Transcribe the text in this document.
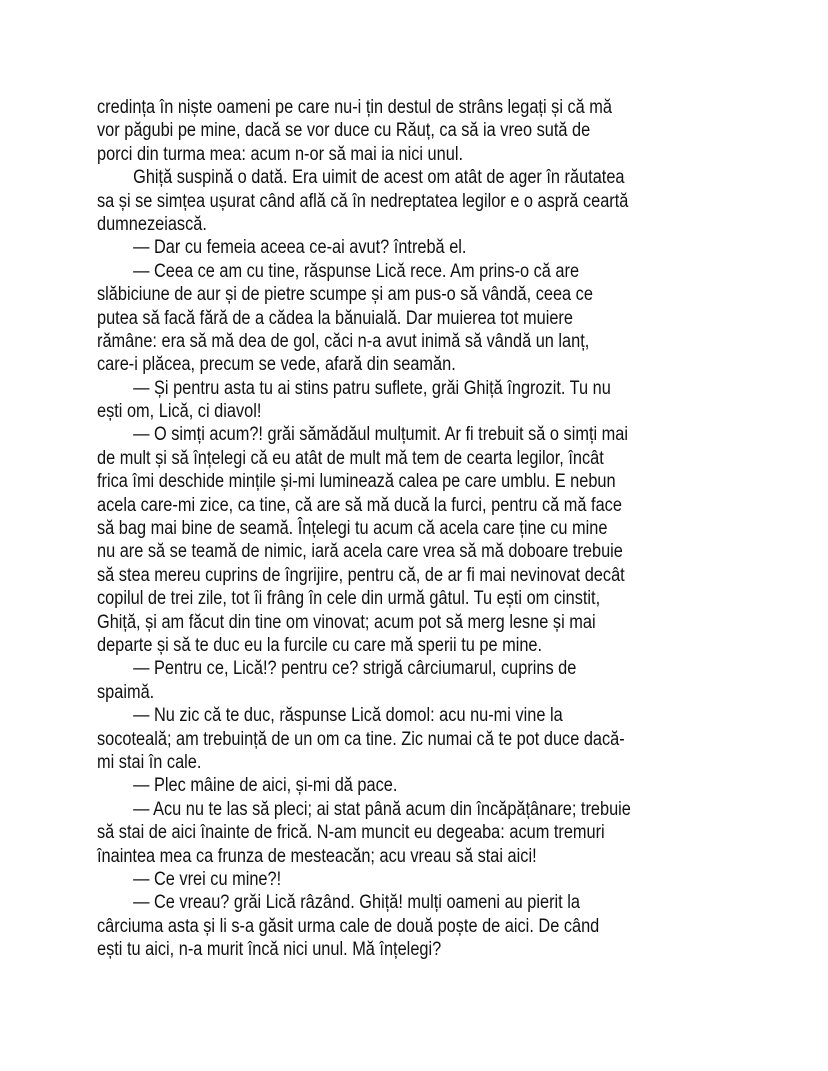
credința în niște oameni pe care nu-i țin destul de strâns legați și că mă
vor păgubi pe mine, dacă se vor duce cu Răuț, ca să ia vreo sută de
porci din turma mea: acum n-or să mai ia nici unul.
Ghiță suspină o dată. Era uimit de acest om atât de ager în răutatea
sa și se simțea ușurat când află că în nedreptatea legilor e o aspră ceartă
dumnezeiască.
— Dar cu femeia aceea ce-ai avut? întrebă el.
— Ceea ce am cu tine, răspunse Lică rece. Am prins-o că are
slăbiciune de aur și de pietre scumpe și am pus-o să vândă, ceea ce
putea să facă fără de a cădea la bănuială. Dar muierea tot muiere
rămâne: era să mă dea de gol, căci n-a avut inimă să vândă un lanț,
care-i plăcea, precum se vede, afară din seamăn.
— Și pentru asta tu ai stins patru suflete, grăi Ghiță îngrozit. Tu nu
ești om, Lică, ci diavol!
— O simți acum?! grăi sămădăul mulțumit. Ar fi trebuit să o simți mai
de mult și să înțelegi că eu atât de mult mă tem de cearta legilor, încât
frica îmi deschide mințile și-mi luminează calea pe care umblu. E nebun
acela care-mi zice, ca tine, că are să mă ducă la furci, pentru că mă face
să bag mai bine de seamă. Înțelegi tu acum că acela care ține cu mine
nu are să se teamă de nimic, iară acela care vrea să mă doboare trebuie
să stea mereu cuprins de îngrijire, pentru că, de ar fi mai nevinovat decât
copilul de trei zile, tot îi frâng în cele din urmă gâtul. Tu ești om cinstit,
Ghiță, și am făcut din tine om vinovat; acum pot să merg lesne și mai
departe și să te duc eu la furcile cu care mă sperii tu pe mine.
— Pentru ce, Lică!? pentru ce? strigă cârciumarul, cuprins de
spaimă.
— Nu zic că te duc, răspunse Lică domol: acu nu-mi vine la
socoteală; am trebuință de un om ca tine. Zic numai că te pot duce dacă-
mi stai în cale.
— Plec mâine de aici, și-mi dă pace.
— Acu nu te las să pleci; ai stat până acum din încăpățânare; trebuie
să stai de aici înainte de frică. N-am muncit eu degeaba: acum tremuri
înaintea mea ca frunza de mesteacăn; acu vreau să stai aici!
— Ce vrei cu mine?!
— Ce vreau? grăi Lică râzând. Ghiță! mulți oameni au pierit la
cârciuma asta și li s-a găsit urma cale de două poște de aici. De când
ești tu aici, n-a murit încă nici unul. Mă înțelegi?
